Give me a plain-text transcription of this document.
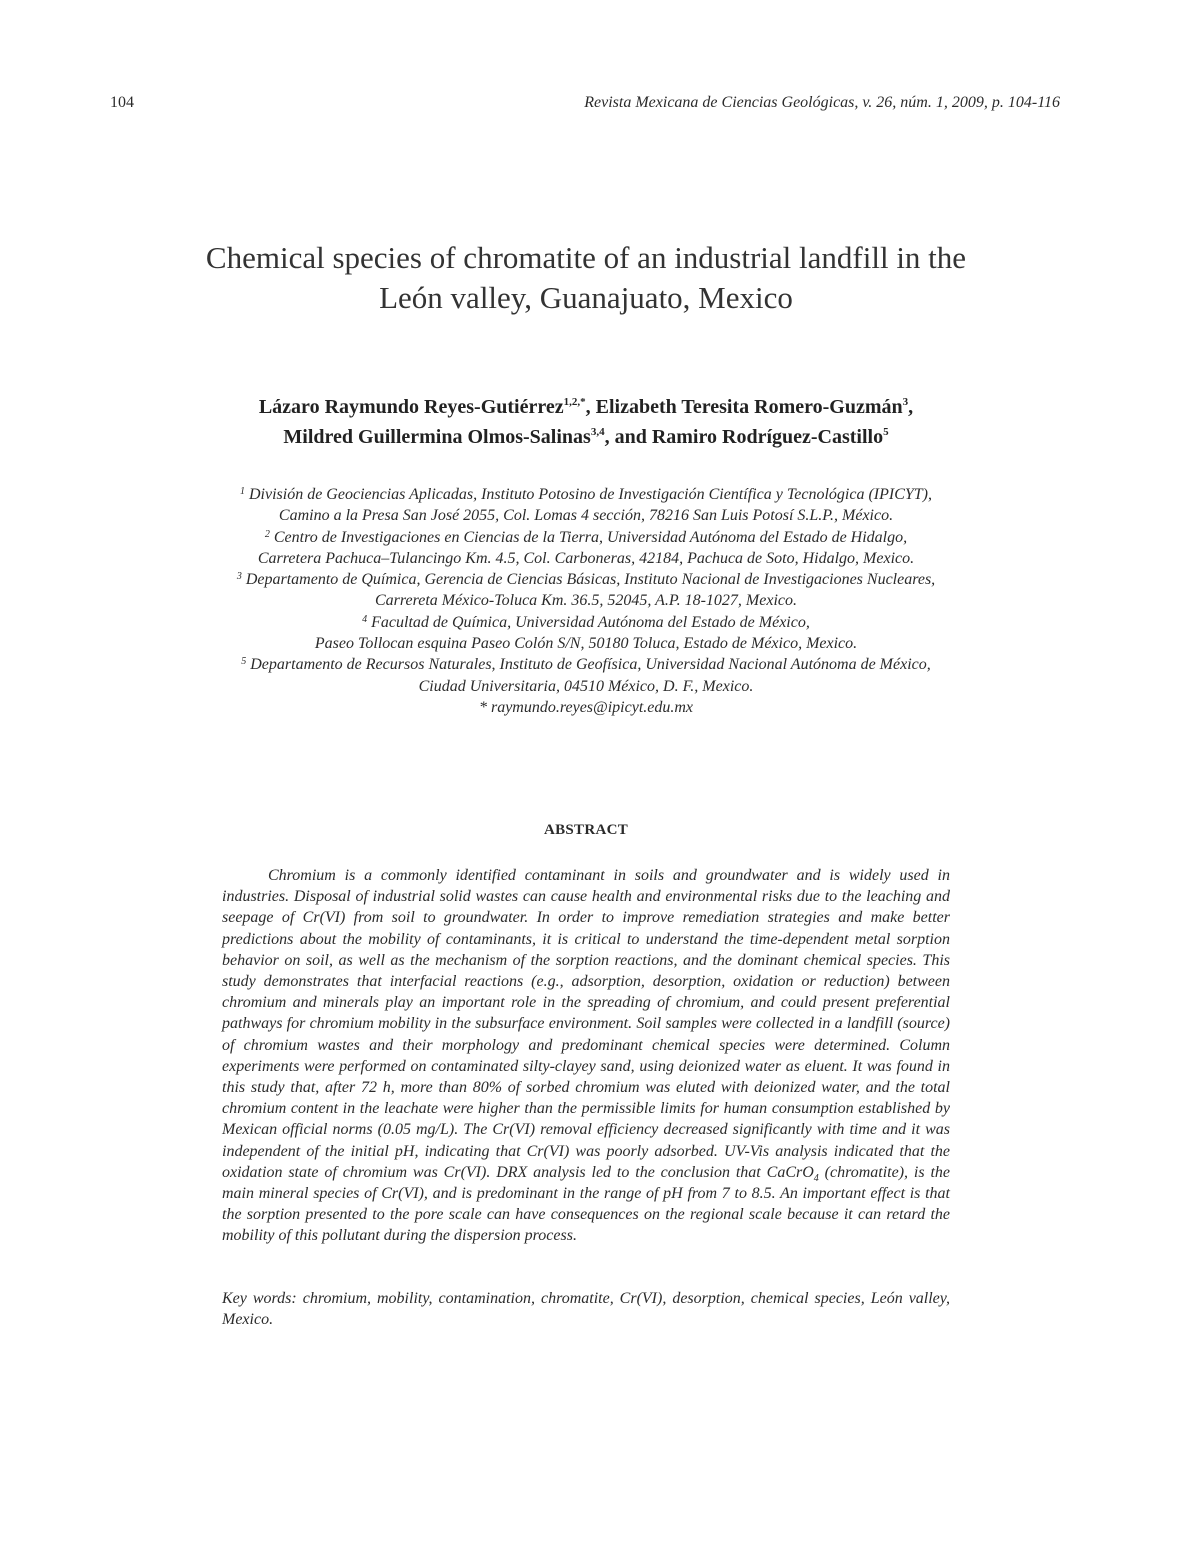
104	Revista Mexicana de Ciencias Geológicas, v. 26, núm. 1, 2009, p. 104-116
Chemical species of chromatite of an industrial landfill in the
León valley, Guanajuato, Mexico
Lázaro Raymundo Reyes-Gutiérrez$^{1,2,*}$, Elizabeth Teresita Romero-Guzmán$^3$,
Mildred Guillermina Olmos-Salinas$^{3,4}$, and Ramiro Rodríguez-Castillo$^5$
$^1$ División de Geociencias Aplicadas, Instituto Potosino de Investigación Científica y Tecnológica (IPICYT),
Camino a la Presa San José 2055, Col. Lomas 4 sección, 78216 San Luis Potosí S.L.P., México.
$^2$ Centro de Investigaciones en Ciencias de la Tierra, Universidad Autónoma del Estado de Hidalgo,
Carretera Pachuca–Tulancingo Km. 4.5, Col. Carboneras, 42184, Pachuca de Soto, Hidalgo, Mexico.
$^3$ Departamento de Química, Gerencia de Ciencias Básicas, Instituto Nacional de Investigaciones Nucleares,
Carrereta México-Toluca Km. 36.5, 52045, A.P. 18-1027, Mexico.
$^4$ Facultad de Química, Universidad Autónoma del Estado de México,
Paseo Tollocan esquina Paseo Colón S/N, 50180 Toluca, Estado de México, Mexico.
$^5$ Departamento de Recursos Naturales, Instituto de Geofísica, Universidad Nacional Autónoma de México,
Ciudad Universitaria, 04510 México, D. F., Mexico.
* raymundo.reyes@ipicyt.edu.mx
ABSTRACT

Chromium is a commonly identified contaminant in soils and groundwater and is widely used in industries. Disposal of industrial solid wastes can cause health and environmental risks due to the leaching and seepage of Cr(VI) from soil to groundwater. In order to improve remediation strategies and make better predictions about the mobility of contaminants, it is critical to understand the time-dependent metal sorption behavior on soil, as well as the mechanism of the sorption reactions, and the dominant chemical species. This study demonstrates that interfacial reactions (e.g., adsorption, desorption, oxidation or reduction) between chromium and minerals play an important role in the spreading of chromium, and could present preferential pathways for chromium mobility in the subsurface environment. Soil samples were collected in a landfill (source) of chromium wastes and their morphology and predominant chemical species were determined. Column experiments were performed on contaminated silty-clayey sand, using deionized water as eluent. It was found in this study that, after 72 h, more than 80% of sorbed chromium was eluted with deionized water, and the total chromium content in the leachate were higher than the permissible limits for human consumption established by Mexican official norms (0.05 mg/L). The Cr(VI) removal efficiency decreased significantly with time and it was independent of the initial pH, indicating that Cr(VI) was poorly adsorbed. UV-Vis analysis indicated that the oxidation state of chromium was Cr(VI). DRX analysis led to the conclusion that CaCrO$_4$ (chromatite), is the main mineral species of Cr(VI), and is predominant in the range of pH from 7 to 8.5. An important effect is that the sorption presented to the pore scale can have consequences on the regional scale because it can retard the mobility of this pollutant during the dispersion process.

Key words: chromium, mobility, contamination, chromatite, Cr(VI), desorption, chemical species, León valley, Mexico.
